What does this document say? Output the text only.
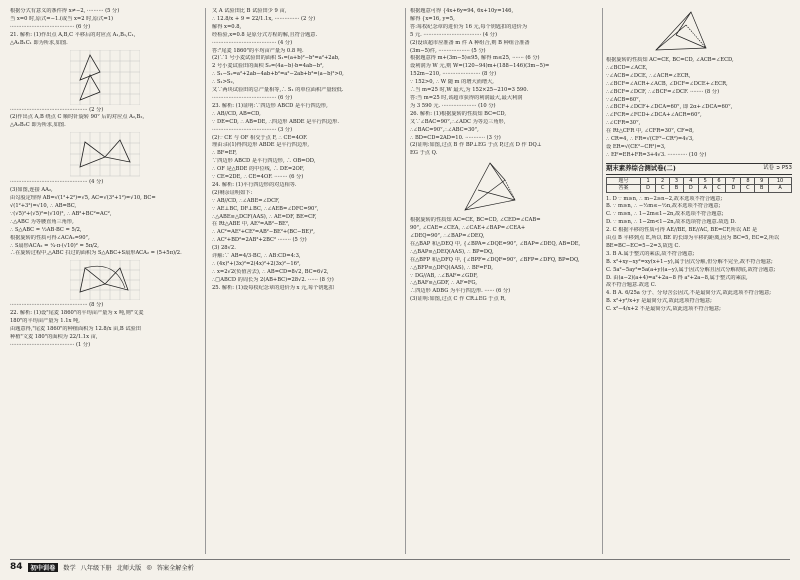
根据分式有意义的条件得 x≠−2, ·········· (5 分)
当 x=0 时,原式=−1.(或当 x=2 时,原式=1)
······································· (6 分)
21. 解析: (1)作出点 A,B,C 平移后的对应点 A₁,B₁,C₁,
△A₁B₁C₁ 即为所求,如图.
··············································· (2 分)
(2)作出点 A,B 绕点 C 顺时针旋转 90° 后的对应点 A₂,B₂,
△A₂B₂C 即为所求,如图.
··············································· (4 分)
(3)如图,连接 AA₂,
由勾股定理得 AB=√(1²+2²)=√5, AC=√(3²+1²)=√10, BC=
√(1²+3²)=√10, ∴ AB=BC,
∵(√5)²+(√5)²=(√10)², ∴ AB²+BC²=AC²,
∴△ABC 为等腰直角三角形,
∴ S△ABC = ½AB·BC = 5/2,
根据旋转的性质可得∠ACA₂=90°,
∴ S扇形ACA₂ = ¼·π·(√10)² = 5π/2,
∴在旋转过程中,△ABC 扫过的面积为 S△ABC+S扇形ACA₂ = (5+5π)/2.
··············································· (8 分)
22. 解析: (1)设"尾麦 1860"的平均亩产量为 x 吨,则"文麦
180"的平均亩产量为 1.1x 吨,
由题意得,"尾麦 1860"的种植面积为 12.8/x 亩,B 试验田
种植"文麦 180"的面积为 22/1.1x 亩,
······································· (1 分)
又 A 试验田比 B 试验田少 9 亩,
∴ 12.8/x + 9 = 22/1.1x, ··············· (2 分)
解得 x=0.8,
经检验,x=0.8 是原分式方程的解,且符合题意.
······································· (4 分)
答:"尾麦 1860"的平均亩产量为 0.8 吨.
(2)∵1 号小麦试验田的面积 S₁=(a+b)²−b²=a²+2ab,
2 号小麦试验田的面积 S₂=(4a−b)·b=4ab−b²,
∴ S₁−S₂=a²+2ab−4ab+b²=a²−2ab+b²=(a−b)²>0,
∴ S₁>S₂,
又∵两块试验田的总产量相等,∴ S₁ 的单位面积产量较低.
······································· (6 分)
23. 解析: (1)证明:∵四边形 ABCD 是平行四边形,
∴ AB//CD, AB=CD,
∵ DE=CD, ∴ AB=DE, ∴四边形 ABDE 是平行四边形.
······································· (3 分)
(2)∵ CE 与 OF 相交于点 F, ∴ CE=4OF.
理由:由(1)得四边形 ABDE 是平行四边形,
∴ BF=EF,
∵四边形 ABCD 是平行四边形, ∴ OB=OD,
∴ OF 是△BDE 的中位线, ∴ DE=2OF,
∵ CE=2DE, ∴ CE=4OF. ········ (6 分)
24. 解析: (1)平行四边形的对边相等.
(2)剩余证明如下:
∵ AB//CD, ∴∠ABE=∠DCF,
∵ AE⊥BC, DF⊥BC, ∴∠AEB=∠DFC=90°,
∴△ABE≌△DCF(AAS), ∴ AE=DF, BE=CF,
在 Rt△ABE 中, AE²=AB²−BE²,
∴ AC²=AE²+CE²=AB²−BE²+(BC−BE)²,
∴ AC²+BD²=2AB²+2BC² ········ (5 分)
(3) 28√2.
详解:∵ AB=4/3·BC, ∴ AB:CD=4:3,
∴ (4x)²+(3x)²=2(4x)²+2(3x)²−16²,
∴ x=2√2(负值舍去), ∴ AB=CD=8√2, BC=6√2,
∴□ABCD 的周长为 2(AB+BC)=28√2. ······ (8 分)
25. 解析: (1)设每枚纪念章的进价为 x 元,每个钥匙扣
根据题意可得 {4x+6y=94, 6x+10y=146,
解得 {x=16, y=5,
答:每枚纪念章的进价为 16 元,每个钥匙扣的进价为
5 元. ··································· (4 分)
(2)设该超市应准备 m 件 A 种组合,则 B 种组合准备
(3m−5)件, ··················· (5 分)
根据题意得 m+(3m−5)≤95, 解得 m≤25, ······· (6 分)
设利润为 W 元,则 W=(120−94)m+(188−146)(3m−5)=
152m−210, ······················· (8 分)
∵ 152>0, ∴ W 随 m 的增大而增大,
∴当 m=25 时,W 最大,为 152×25−210=3 590.
答:当 m=25 时,该超市获得的利润最大,最大利润
为 3 590 元. ····················· (10 分)
26. 解析: (1)根据旋转的性质知 BC=CD,
又∵∠BAC=90°,∴∠ADC 为等边三角形,
∴∠BAC=90°,∴∠ABC=30°,
∴ BD=CD=2AD=10. ············ (3 分)
(2)证明:如图,过点 B 作 BP⊥EG 于点 P,过点 D 作 DQ⊥
EG 于点 Q.
根据旋转的性质知 AC=CE, BC=CD, ∠CED=∠CAB=
90°, ∠CAE=∠CEA, ∴∠CAE+∠BAP=∠CEA+
∠DEQ=90°, ∴∠BAP=∠DEQ,
在△BAP 和△DEQ 中, {∠BPA=∠DQE=90°, ∠BAP=∠DEQ, AB=DE,
∴△BAP≌△DEQ(AAS), ∴ BP=DQ,
在△BFP 和△DFQ 中, {∠BPF=∠DQF=90°, ∠BFP=∠DFQ, BP=DQ,
∴△BFP≌△DFQ(AAS), ∴ BF=FD,
∵ DG//AB, ∴∠BAF=∠GDF,
∴△BAF≌△GDF, ∴ AF=FG,
∴四边形 ADBG 为平行四边形. ······ (6 分)
(3)证明:如图,过点 C 作 CR⊥EG 于点 R,
根据旋转的性质知 AC=CE, BC=CD, ∠ACB=∠ECD,
∴∠BCD=∠ACE,
∵∠ACB=∠DCE, ∴∠ACR=∠ECR,
∴∠BCF=∠ACR+∠ACB, ∠DCF=∠DCE+∠ECR,
∴∠BCF=∠DCF, ∴∠BCF=∠DCF. ········ (8 分)
∵∠ACB=60°,
∴∠BCF+∠DCF+∠DCA=60°, 即 2α+∠DCA=60°,
∴∠FCR=∠FCD+∠DCA+∠ACR=60°,
∴∠CFR=30°,
在 Rt△CFR 中, ∠CFR=30°, CF=8,
∴ CR=4, ∴ FR=√(CF²−CR²)=4√3,
设 ER=√(CE²−CR²)=3,
∴ EF=ER+FR=3+4√3. ············ (10 分)
期末素养综合测试卷(二)	试卷 ➲ P53
题号	1	2	3	4	5	6	7	8	9	10
答案	D	C	B	D	A	C	D	C	B	A
1. D ∵ m≥n, ∴ m−2≥n−2,故本选项不符合题意;
B. ∵ m≥n, ∴ −½m≤−½n,故本选项不符合题意;
C. ∵ m≥n, ∴ 1−2m≤1−2n,故本选项不符合题意;
D. ∵ m≥n, ∴ 1−2m<1−2n,故本选项符合题意.故选 D.
2. C 根据平移的性质可得 AE//BE, BE//AC, BE=CF,所以 AE 是
由点 B 平移到点 E,所以 BE 的长即为平移的距离,因为 BC=5, EC=2,所以
BE=BC−EC=5−2=3,故选 C.
3. B A.属于整式的乘法,故不符合题意;
B. x²+xy−xy²=xy(x+1−y),属于因式分解,但分解不完全,故不符合题意;
C. 5a²−5ay²=5a(a+y)(a−y),属于因式分解且因式分解彻底,故符合题意;
D. 由(a−2)(a+4)=a²+2a−8 得 a²+2a−8,属于整式的乘法,
故不符合题意.故选 C.
4. B A. 6/25a 分子、分母含公因式,不是最简分式,故此选项不符合题意;
B. x²+y²/x+y 是最简分式,故此选项符合题意;
C. x²−4/x+2 不是最简分式,故此选项不符合题意;
84	初中训卷	数学 八年级下册 北师大版 ◎ 答案全解全析
